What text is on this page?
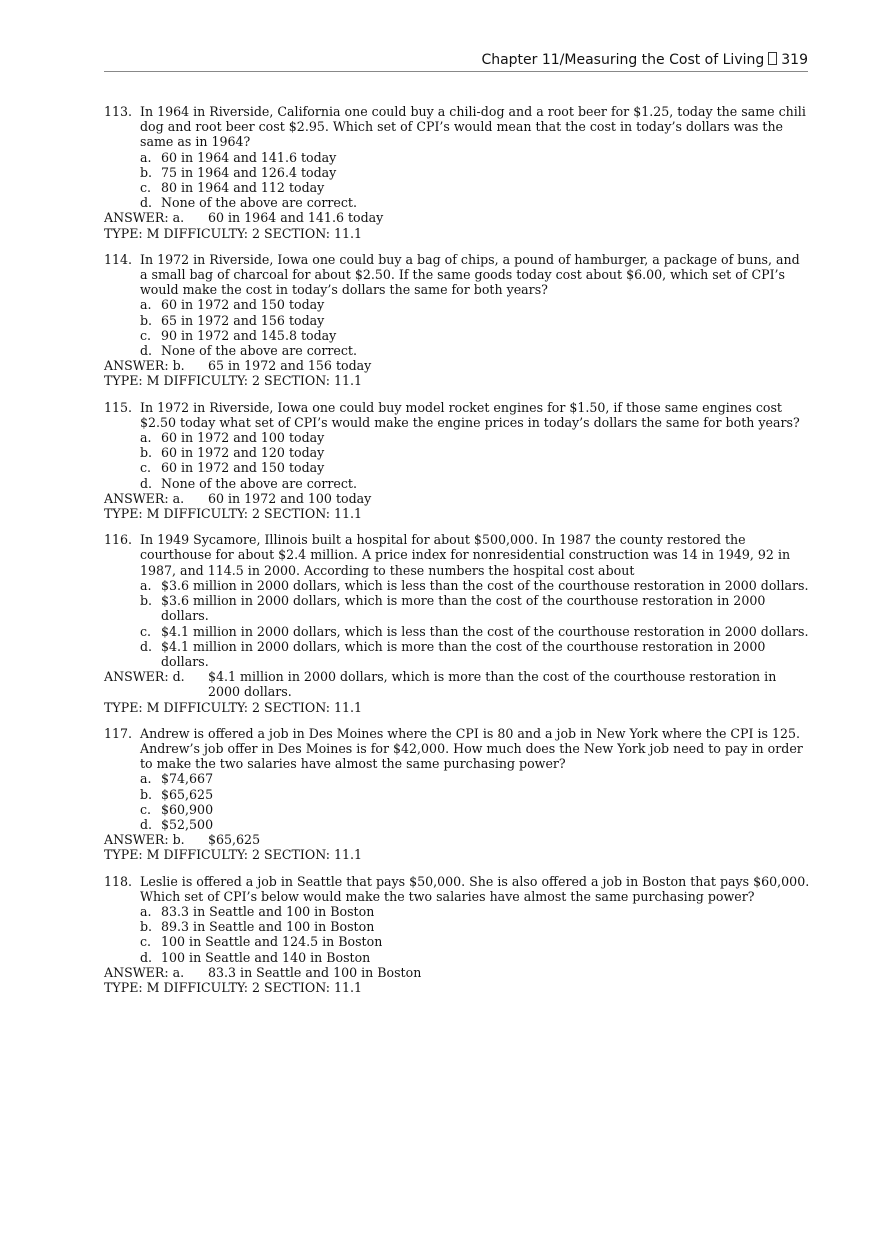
Chapter 11/Measuring the Cost of Living 319
113. In 1964 in Riverside, California one could buy a chili-dog and a root beer for $1.25, today the same chili dog and root beer cost $2.95. Which set of CPI’s would mean that the cost in today’s dollars was the same as in 1964?
a. 60 in 1964 and 141.6 today
b. 75 in 1964 and 126.4 today
c. 80 in 1964 and 112 today
d. None of the above are correct.
ANSWER: a. 60 in 1964 and 141.6 today
TYPE: M DIFFICULTY: 2 SECTION: 11.1
114. In 1972 in Riverside, Iowa one could buy a bag of chips, a pound of hamburger, a package of buns, and a small bag of charcoal for about $2.50. If the same goods today cost about $6.00, which set of CPI’s would make the cost in today’s dollars the same for both years?
a. 60 in 1972 and 150 today
b. 65 in 1972 and 156 today
c. 90 in 1972 and 145.8 today
d. None of the above are correct.
ANSWER: b. 65 in 1972 and 156 today
TYPE: M DIFFICULTY: 2 SECTION: 11.1
115. In 1972 in Riverside, Iowa one could buy model rocket engines for $1.50, if those same engines cost $2.50 today what set of CPI’s would make the engine prices in today’s dollars the same for both years?
a. 60 in 1972 and 100 today
b. 60 in 1972 and 120 today
c. 60 in 1972 and 150 today
d. None of the above are correct.
ANSWER: a. 60 in 1972 and 100 today
TYPE: M DIFFICULTY: 2 SECTION: 11.1
116. In 1949 Sycamore, Illinois built a hospital for about $500,000. In 1987 the county restored the courthouse for about $2.4 million. A price index for nonresidential construction was 14 in 1949, 92 in 1987, and 114.5 in 2000. According to these numbers the hospital cost about
a. $3.6 million in 2000 dollars, which is less than the cost of the courthouse restoration in 2000 dollars.
b. $3.6 million in 2000 dollars, which is more than the cost of the courthouse restoration in 2000 dollars.
c. $4.1 million in 2000 dollars, which is less than the cost of the courthouse restoration in 2000 dollars.
d. $4.1 million in 2000 dollars, which is more than the cost of the courthouse restoration in 2000 dollars.
ANSWER: d. $4.1 million in 2000 dollars, which is more than the cost of the courthouse restoration in 2000 dollars.
TYPE: M DIFFICULTY: 2 SECTION: 11.1
117. Andrew is offered a job in Des Moines where the CPI is 80 and a job in New York where the CPI is 125. Andrew’s job offer in Des Moines is for $42,000. How much does the New York job need to pay in order to make the two salaries have almost the same purchasing power?
a. $74,667
b. $65,625
c. $60,900
d. $52,500
ANSWER: b. $65,625
TYPE: M DIFFICULTY: 2 SECTION: 11.1
118. Leslie is offered a job in Seattle that pays $50,000. She is also offered a job in Boston that pays $60,000. Which set of CPI’s below would make the two salaries have almost the same purchasing power?
a. 83.3 in Seattle and 100 in Boston
b. 89.3 in Seattle and 100 in Boston
c. 100 in Seattle and 124.5 in Boston
d. 100 in Seattle and 140 in Boston
ANSWER: a. 83.3 in Seattle and 100 in Boston
TYPE: M DIFFICULTY: 2 SECTION: 11.1
